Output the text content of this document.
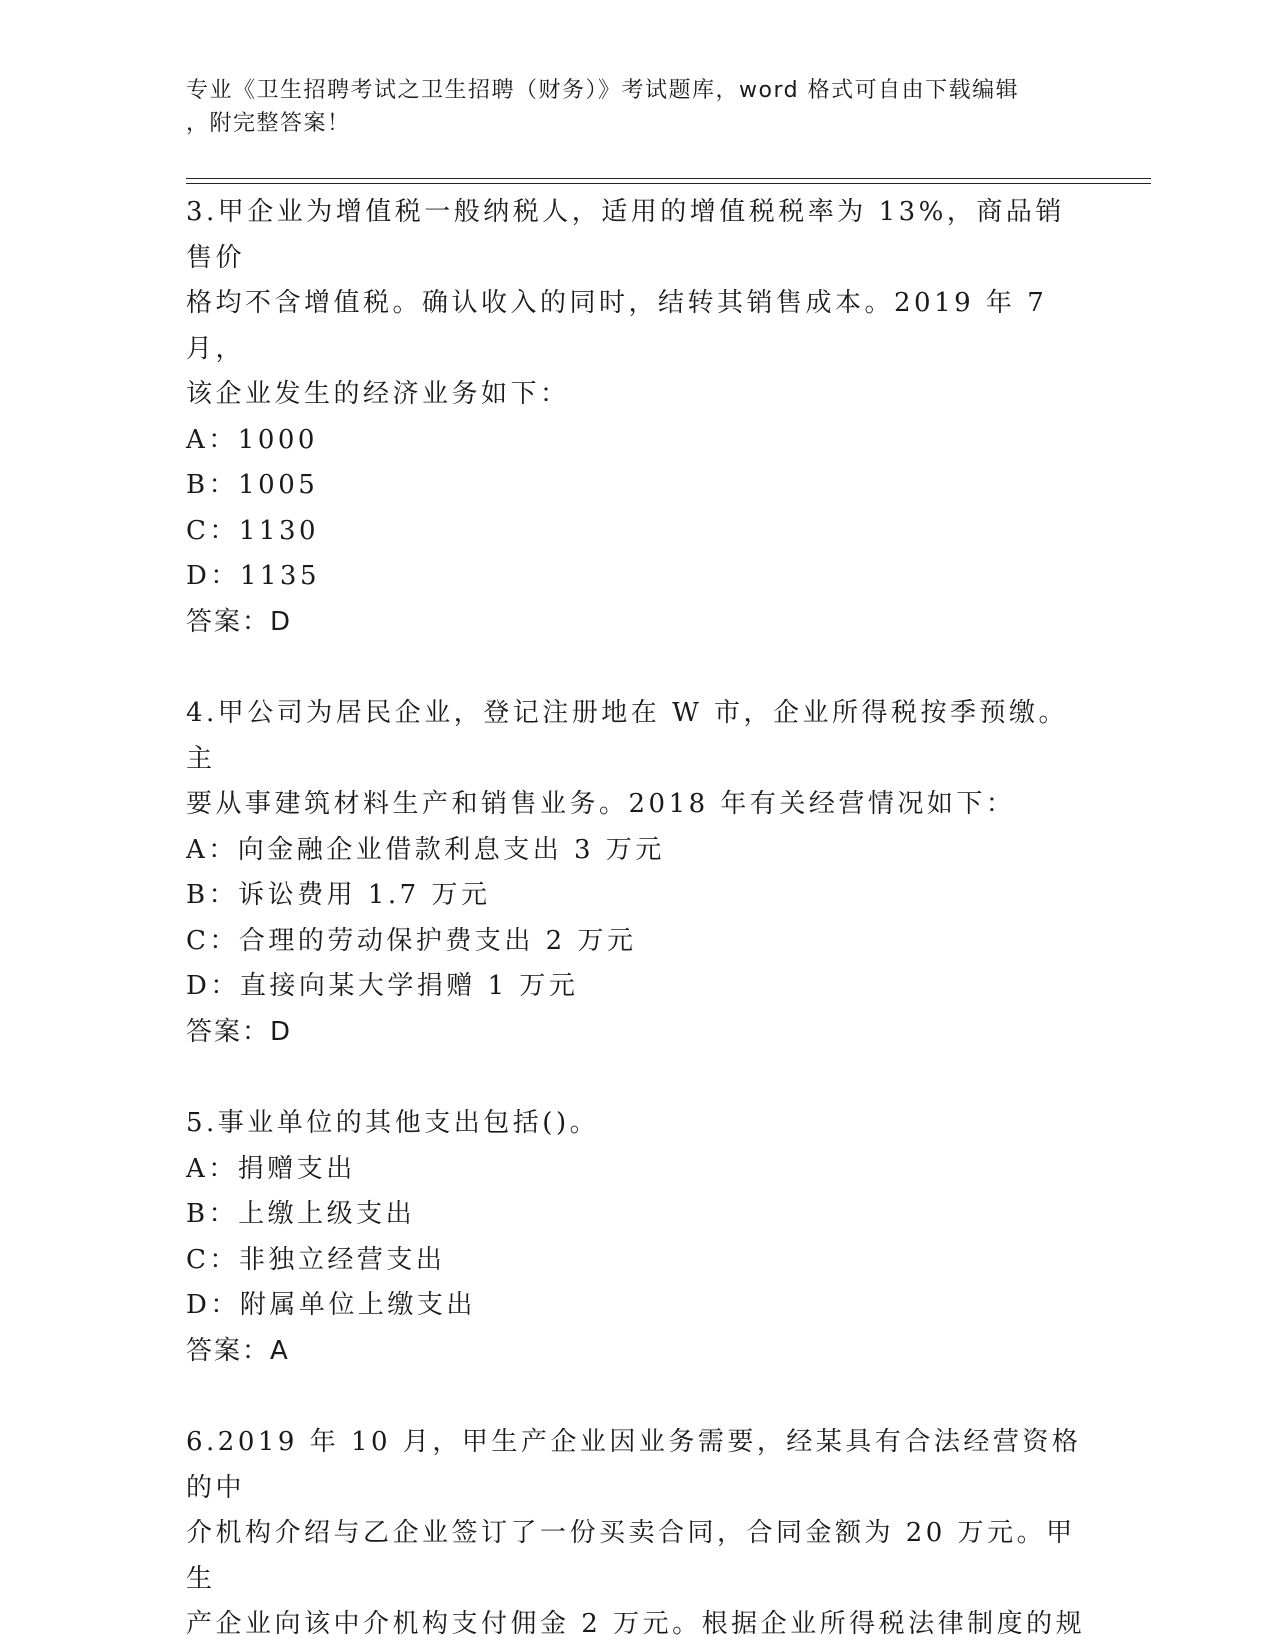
专业《卫生招聘考试之卫生招聘（财务）》考试题库，word 格式可自由下载编辑
，附完整答案！
3.甲企业为增值税一般纳税人，适用的增值税税率为 13%，商品销售价
格均不含增值税。确认收入的同时，结转其销售成本。2019 年 7 月，
该企业发生的经济业务如下：
A：1000
B：1005
C：1130
D：1135
答案：D
4.甲公司为居民企业，登记注册地在 W 市，企业所得税按季预缴。主
要从事建筑材料生产和销售业务。2018 年有关经营情况如下：
A：向金融企业借款利息支出 3 万元
B：诉讼费用 1.7 万元
C：合理的劳动保护费支出 2 万元
D：直接向某大学捐赠 1 万元
答案：D
5.事业单位的其他支出包括()。
A：捐赠支出
B：上缴上级支出
C：非独立经营支出
D：附属单位上缴支出
答案：A
6.2019 年 10 月，甲生产企业因业务需要，经某具有合法经营资格的中
介机构介绍与乙企业签订了一份买卖合同，合同金额为 20 万元。甲生
产企业向该中介机构支付佣金 2 万元。根据企业所得税法律制度的规
